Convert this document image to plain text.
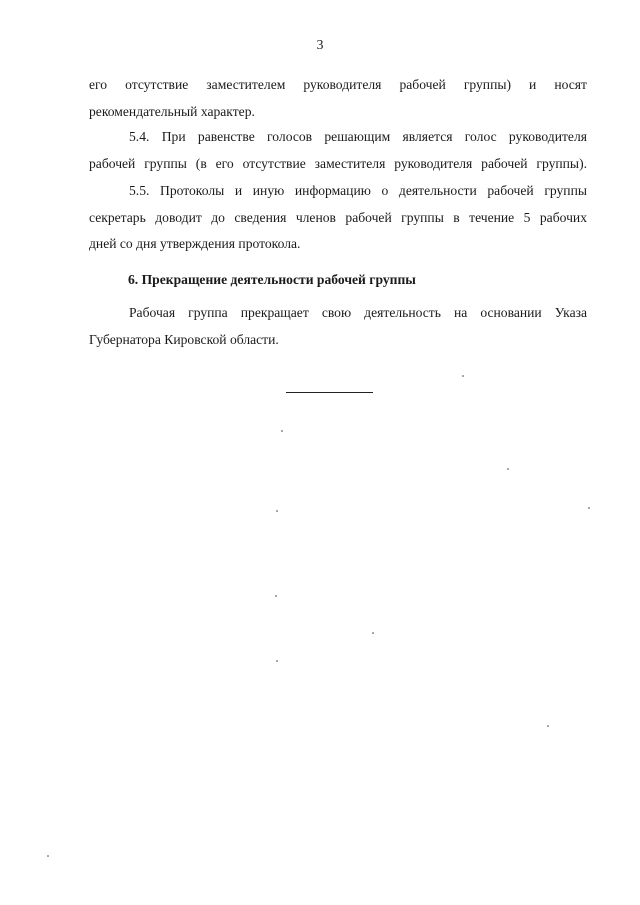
3
его отсутствие заместителем руководителя рабочей группы) и носят
рекомендательный характер.
5.4. При равенстве голосов решающим является голос руководителя
рабочей группы (в его отсутствие заместителя руководителя рабочей группы).
5.5. Протоколы и иную информацию о деятельности рабочей группы
секретарь доводит до сведения членов рабочей группы в течение 5 рабочих
дней со дня утверждения протокола.
6. Прекращение деятельности рабочей группы
Рабочая группа прекращает свою деятельность на основании Указа
Губернатора Кировской области.
